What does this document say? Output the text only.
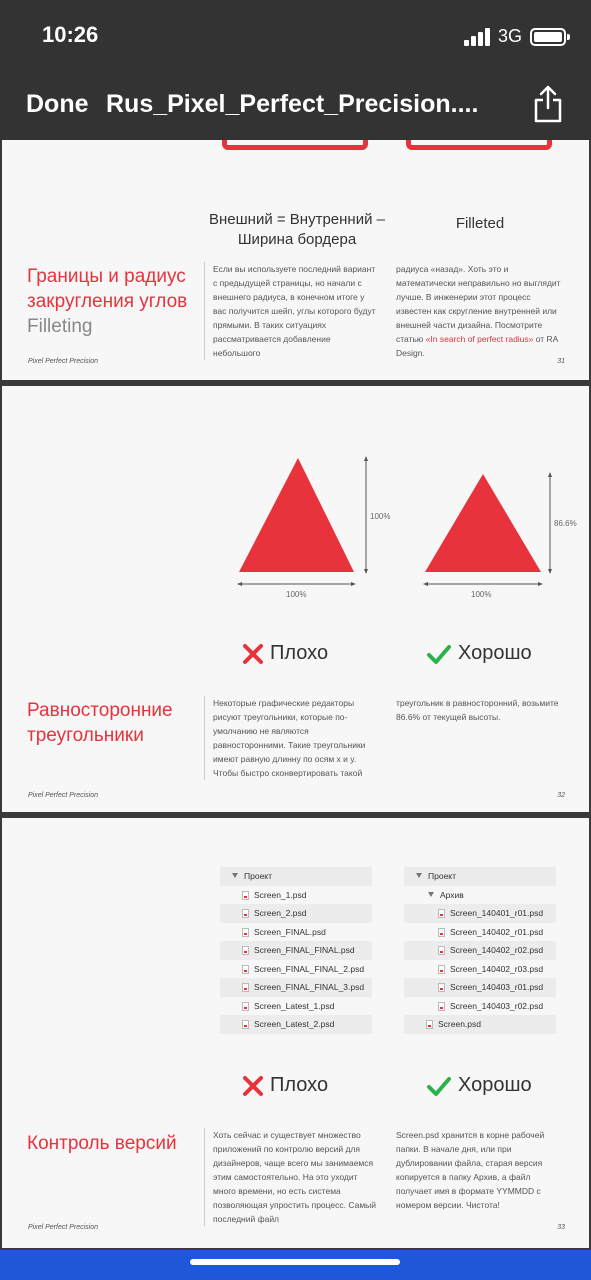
Внешний = Внутренний – Ширина бордера
Filleted
Границы и радиус
закругления углов
Filleting
Если вы используете последний вариант с предыдущей страницы, но начали с внешнего радиуса, в конечном итоге у вас получится шейп, углы которого будут прямыми. В таких ситуациях рассматривается добавление небольшого
радиуса «назад». Хоть это и математически неправильно но выглядит лучше. В инженерии этот процесс известен как скругление внутренней или внешней части дизайна. Посмотрите статью «In search of perfect radius» от RA Design.
Pixel Perfect Precision	31
100%
100%
86.6%
100%
Плохо	Хорошо
Равносторонние
треугольники
Некоторые графические редакторы рисуют треугольники, которые по-умолчанию не являются равносторонними. Такие треугольники имеют равную длинну по осям x и y. Чтобы быстро сконвертировать такой
треугольник в равносторонний, возьмите 86.6% от текущей высоты.
Pixel Perfect Precision	32
Проект
Screen_1.psd
Screen_2.psd
Screen_FINAL.psd
Screen_FINAL_FINAL.psd
Screen_FINAL_FINAL_2.psd
Screen_FINAL_FINAL_3.psd
Screen_Latest_1.psd
Screen_Latest_2.psd
Проект
Архив
Screen_140401_r01.psd
Screen_140402_r01.psd
Screen_140402_r02.psd
Screen_140402_r03.psd
Screen_140403_r01.psd
Screen_140403_r02.psd
Screen.psd
Плохо	Хорошо
Контроль версий	Хоть сейчас и существует множество приложений по контролю версий для дизайнеров, чаще всего мы занимаемся этим самостоятельно. На это уходит много времени, но есть система позволяющая упростить процесс. Самый последний файл
Screen.psd хранится в корне рабочей папки. В начале дня, или при дублировании файла, старая версия копируется в папку Архив, а файл получает имя в формате YYMMDD с номером версии. Чистота!
Pixel Perfect Precision	33
10:26	3G
Done Rus_Pixel_Perfect_Precision....
